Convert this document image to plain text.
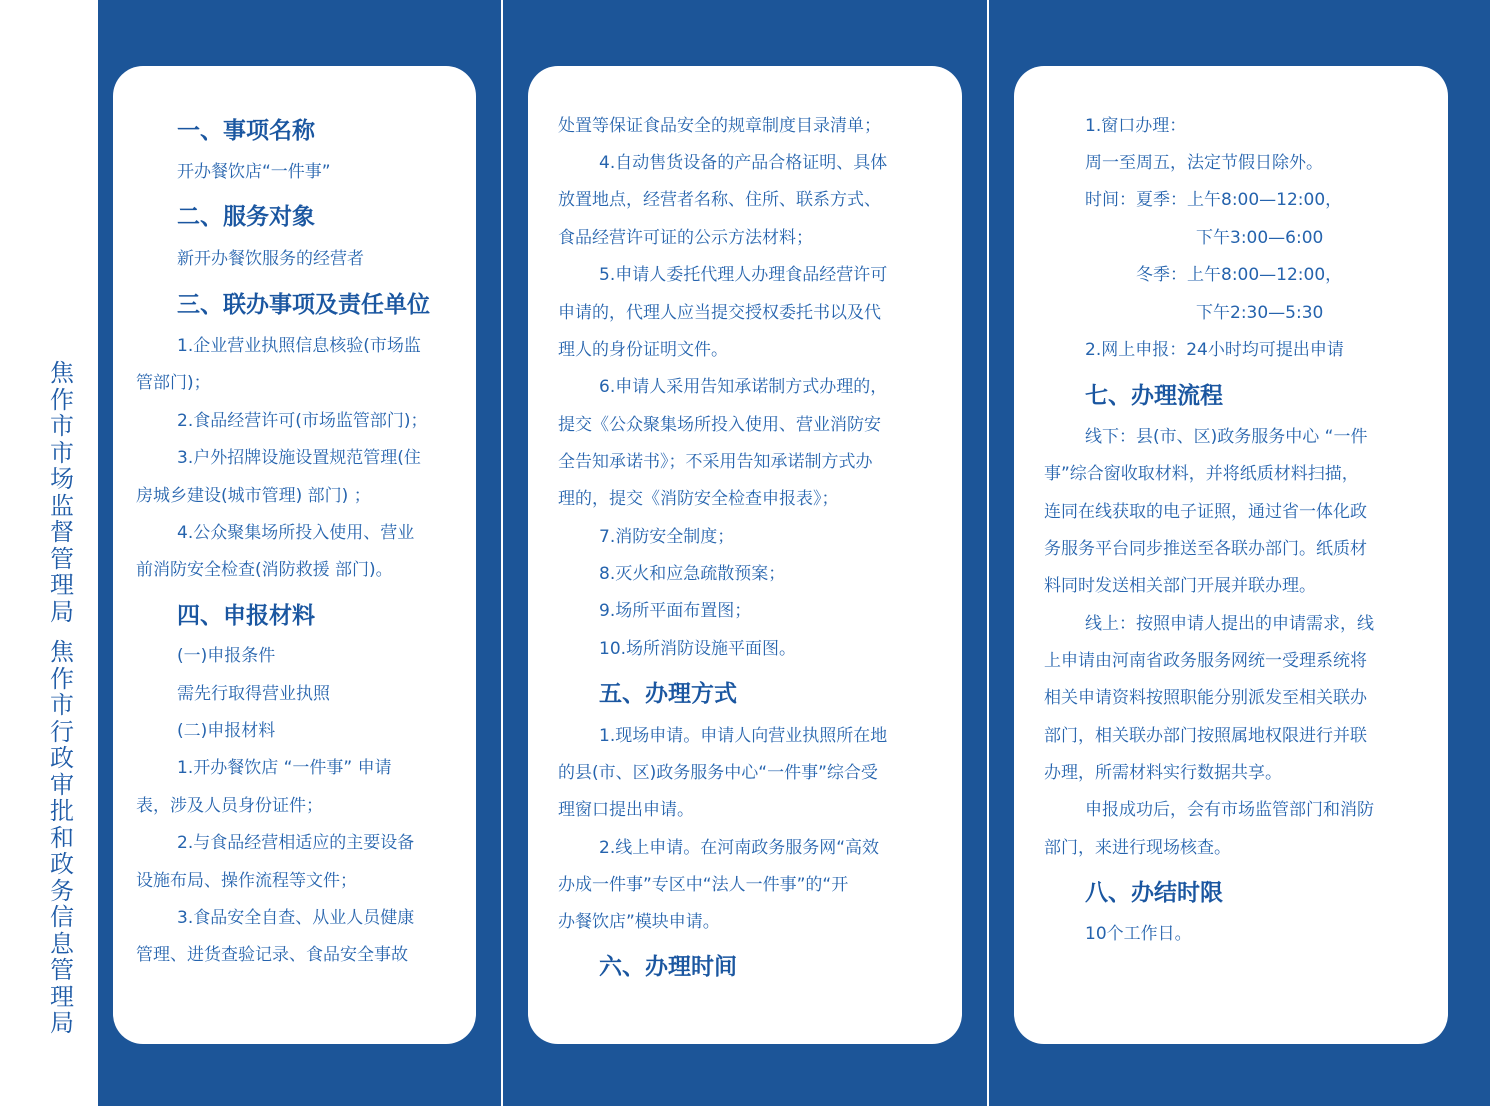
焦作市市场监督管理局
焦作市行政审批和政务信息管理局
一、事项名称
开办餐饮店“一件事”
二、服务对象
新开办餐饮服务的经营者
三、联办事项及责任单位
1.企业营业执照信息核验(市场监
管部门)；
2.食品经营许可(市场监管部门)；
3.户外招牌设施设置规范管理(住
房城乡建设(城市管理) 部门) ；
4.公众聚集场所投入使用、营业
前消防安全检查(消防救援 部门)。
四、申报材料
(一)申报条件
需先行取得营业执照
(二)申报材料
1.开办餐饮店 “一件事” 申请
表，涉及人员身份证件；
2.与食品经营相适应的主要设备
设施布局、操作流程等文件；
3.食品安全自查、从业人员健康
管理、进货查验记录、食品安全事故
处置等保证食品安全的规章制度目录清单；
4.自动售货设备的产品合格证明、具体
放置地点，经营者名称、住所、联系方式、
食品经营许可证的公示方法材料；
5.申请人委托代理人办理食品经营许可
申请的，代理人应当提交授权委托书以及代
理人的身份证明文件。
6.申请人采用告知承诺制方式办理的，
提交《公众聚集场所投入使用、营业消防安
全告知承诺书》；不采用告知承诺制方式办
理的，提交《消防安全检查申报表》；
7.消防安全制度；
8.灭火和应急疏散预案；
9.场所平面布置图；
10.场所消防设施平面图。
五、办理方式
1.现场申请。申请人向营业执照所在地
的县(市、区)政务服务中心“一件事”综合受
理窗口提出申请。
2.线上申请。在河南政务服务网“高效
办成一件事”专区中“法人一件事”的“开
办餐饮店”模块申请。
六、办理时间
1.窗口办理：
周一至周五，法定节假日除外。
时间：夏季：上午8:00—12:00，
下午3:00—6:00
冬季：上午8:00—12:00，
下午2:30—5:30
2.网上申报：24小时均可提出申请
七、办理流程
线下：县(市、区)政务服务中心 “一件
事”综合窗收取材料，并将纸质材料扫描，
连同在线获取的电子证照，通过省一体化政
务服务平台同步推送至各联办部门。纸质材
料同时发送相关部门开展并联办理。
线上：按照申请人提出的申请需求，线
上申请由河南省政务服务网统一受理系统将
相关申请资料按照职能分别派发至相关联办
部门，相关联办部门按照属地权限进行并联
办理，所需材料实行数据共享。
申报成功后，会有市场监管部门和消防
部门，来进行现场核查。
八、办结时限
10个工作日。
